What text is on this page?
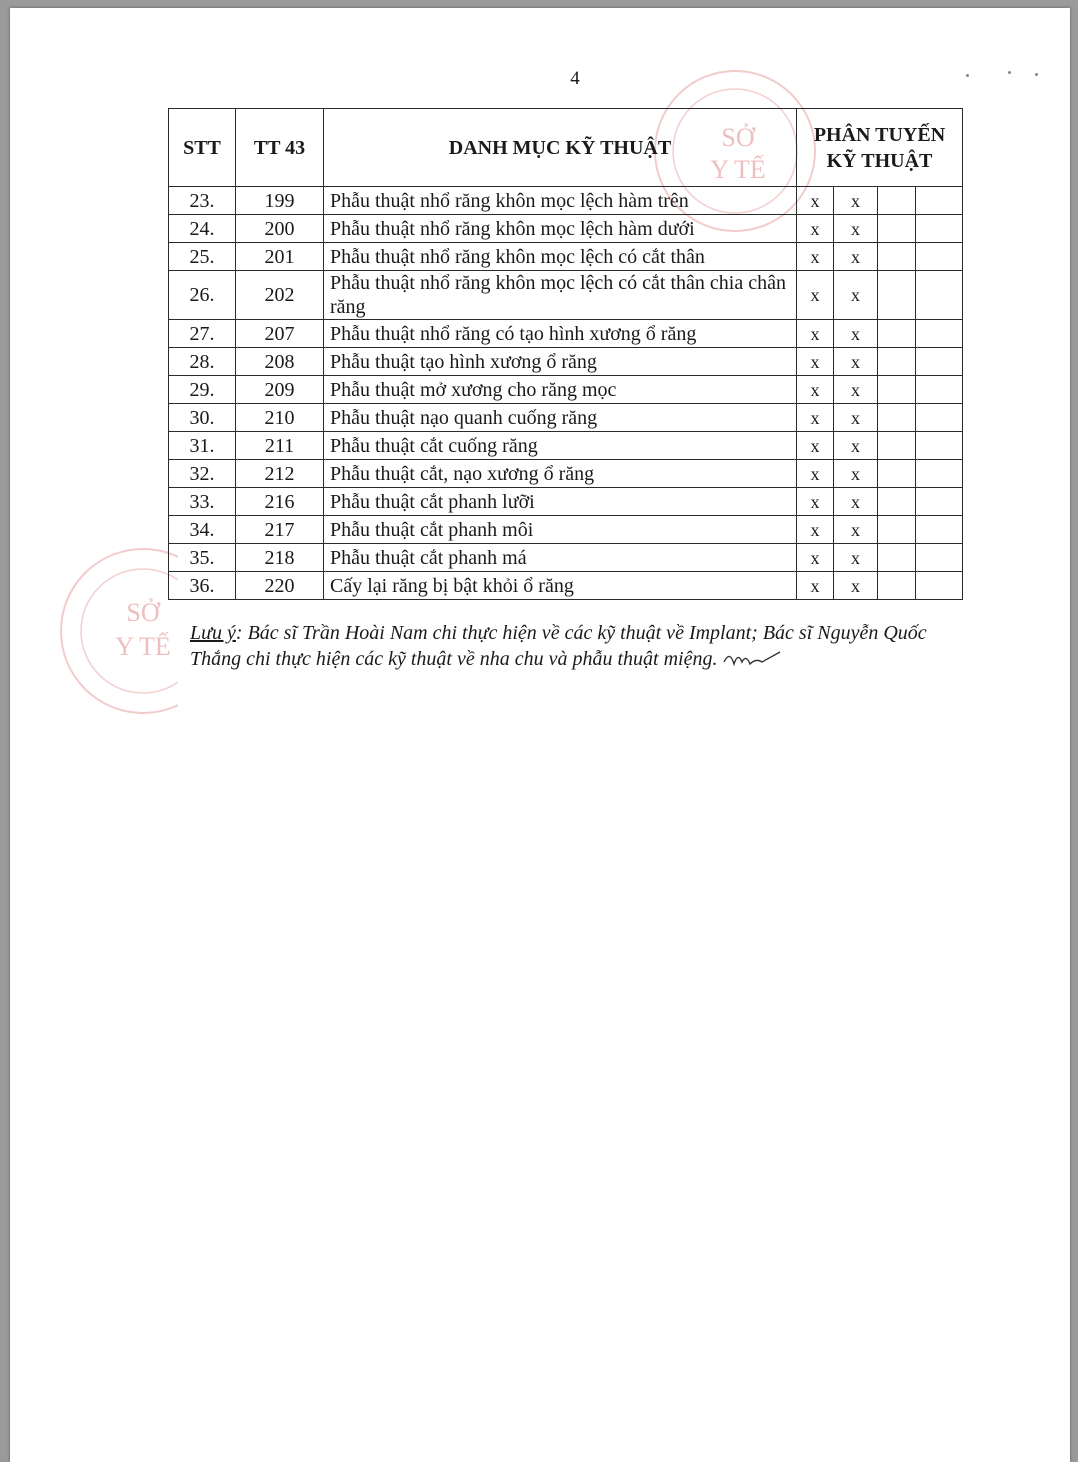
4
SỞ
Y TẾ
SỞ
Y TẾ
STT	TT 43	DANH MỤC KỸ THUẬT	PHÂN TUYẾN
KỸ THUẬT			
23.	199	Phẫu thuật nhổ răng khôn mọc lệch hàm trên	x	x		
24.	200	Phẫu thuật nhổ răng khôn mọc lệch hàm dưới	x	x		
25.	201	Phẫu thuật nhổ răng khôn mọc lệch có cắt thân	x	x		
26.	202	Phẫu thuật nhổ răng khôn mọc lệch có cắt thân chia chân răng	x	x		
27.	207	Phẫu thuật nhổ răng có tạo hình xương ổ răng	x	x		
28.	208	Phẫu thuật tạo hình xương ổ răng	x	x		
29.	209	Phẫu thuật mở xương cho răng mọc	x	x		
30.	210	Phẫu thuật nạo quanh cuống răng	x	x		
31.	211	Phẫu thuật cắt cuống răng	x	x		
32.	212	Phẫu thuật cắt, nạo xương ổ răng	x	x		
33.	216	Phẫu thuật cắt phanh lưỡi	x	x		
34.	217	Phẫu thuật cắt phanh môi	x	x		
35.	218	Phẫu thuật cắt phanh má	x	x		
36.	220	Cấy lại răng bị bật khỏi ổ răng	x	x		
Lưu ý: Bác sĩ Trần Hoài Nam chi thực hiện về các kỹ thuật về Implant; Bác sĩ Nguyễn Quốc Thắng chi thực hiện các kỹ thuật về nha chu và phẫu thuật miệng.
